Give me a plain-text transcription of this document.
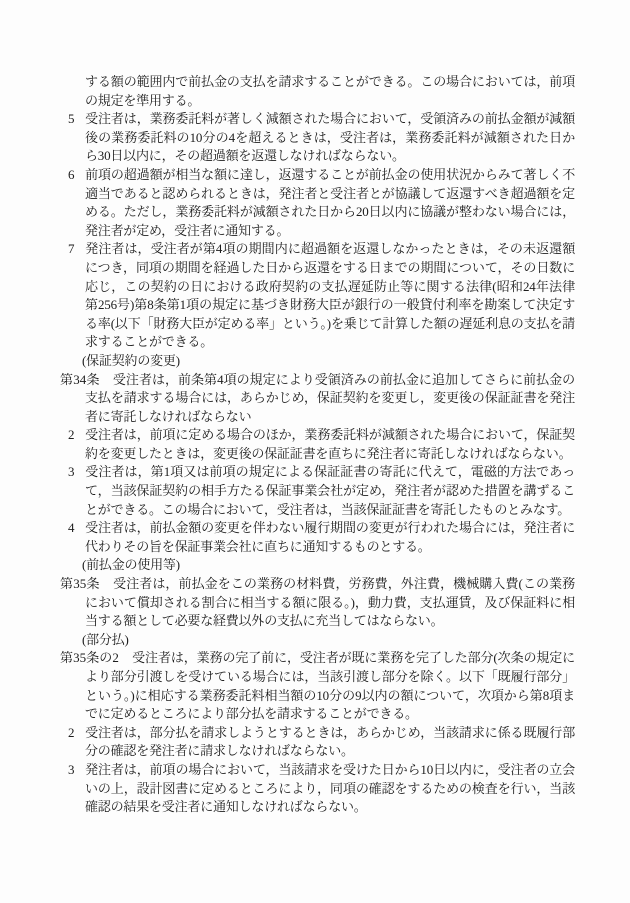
する額の範囲内で前払金の支払を請求することができる。この場合においては，前項の規定を準用する。
5 受注者は，業務委託料が著しく減額された場合において，受領済みの前払金額が減額後の業務委託料の10分の4を超えるときは，受注者は，業務委託料が減額された日から30日以内に，その超過額を返還しなければならない。
6 前項の超過額が相当な額に達し，返還することが前払金の使用状況からみて著しく不適当であると認められるときは，発注者と受注者とが協議して返還すべき超過額を定める。ただし，業務委託料が減額された日から20日以内に協議が整わない場合には，発注者が定め，受注者に通知する。
7 発注者は，受注者が第4項の期間内に超過額を返還しなかったときは，その未返還額につき，同項の期間を経過した日から返還をする日までの期間について，その日数に応じ，この契約の日における政府契約の支払遅延防止等に関する法律(昭和24年法律第256号)第8条第1項の規定に基づき財務大臣が銀行の一般貸付利率を勘案して決定する率(以下「財務大臣が定める率」という。)を乗じて計算した額の遅延利息の支払を請求することができる。
(保証契約の変更)
第34条 受注者は，前条第4項の規定により受領済みの前払金に追加してさらに前払金の支払を請求する場合には，あらかじめ，保証契約を変更し，変更後の保証証書を発注者に寄託しなければならない
2 受注者は，前項に定める場合のほか，業務委託料が減額された場合において，保証契約を変更したときは，変更後の保証証書を直ちに発注者に寄託しなければならない。
3 受注者は，第1項又は前項の規定による保証証書の寄託に代えて，電磁的方法であって，当該保証契約の相手方たる保証事業会社が定め，発注者が認めた措置を講ずることができる。この場合において，受注者は，当該保証証書を寄託したものとみなす。
4 受注者は，前払金額の変更を伴わない履行期間の変更が行われた場合には，発注者に代わりその旨を保証事業会社に直ちに通知するものとする。
(前払金の使用等)
第35条 受注者は，前払金をこの業務の材料費，労務費，外注費，機械購入費(この業務において償却される割合に相当する額に限る。)，動力費，支払運賃，及び保証料に相当する額として必要な経費以外の支払に充当してはならない。
(部分払)
第35条の2 受注者は，業務の完了前に，受注者が既に業務を完了した部分(次条の規定により部分引渡しを受けている場合には，当該引渡し部分を除く。以下「既履行部分」という。)に相応する業務委託料相当額の10分の9以内の額について，次項から第8項までに定めるところにより部分払を請求することができる。
2 受注者は，部分払を請求しようとするときは，あらかじめ，当該請求に係る既履行部分の確認を発注者に請求しなければならない。
3 発注者は，前項の場合において，当該請求を受けた日から10日以内に，受注者の立会いの上，設計図書に定めるところにより，同項の確認をするための検査を行い，当該確認の結果を受注者に通知しなければならない。
